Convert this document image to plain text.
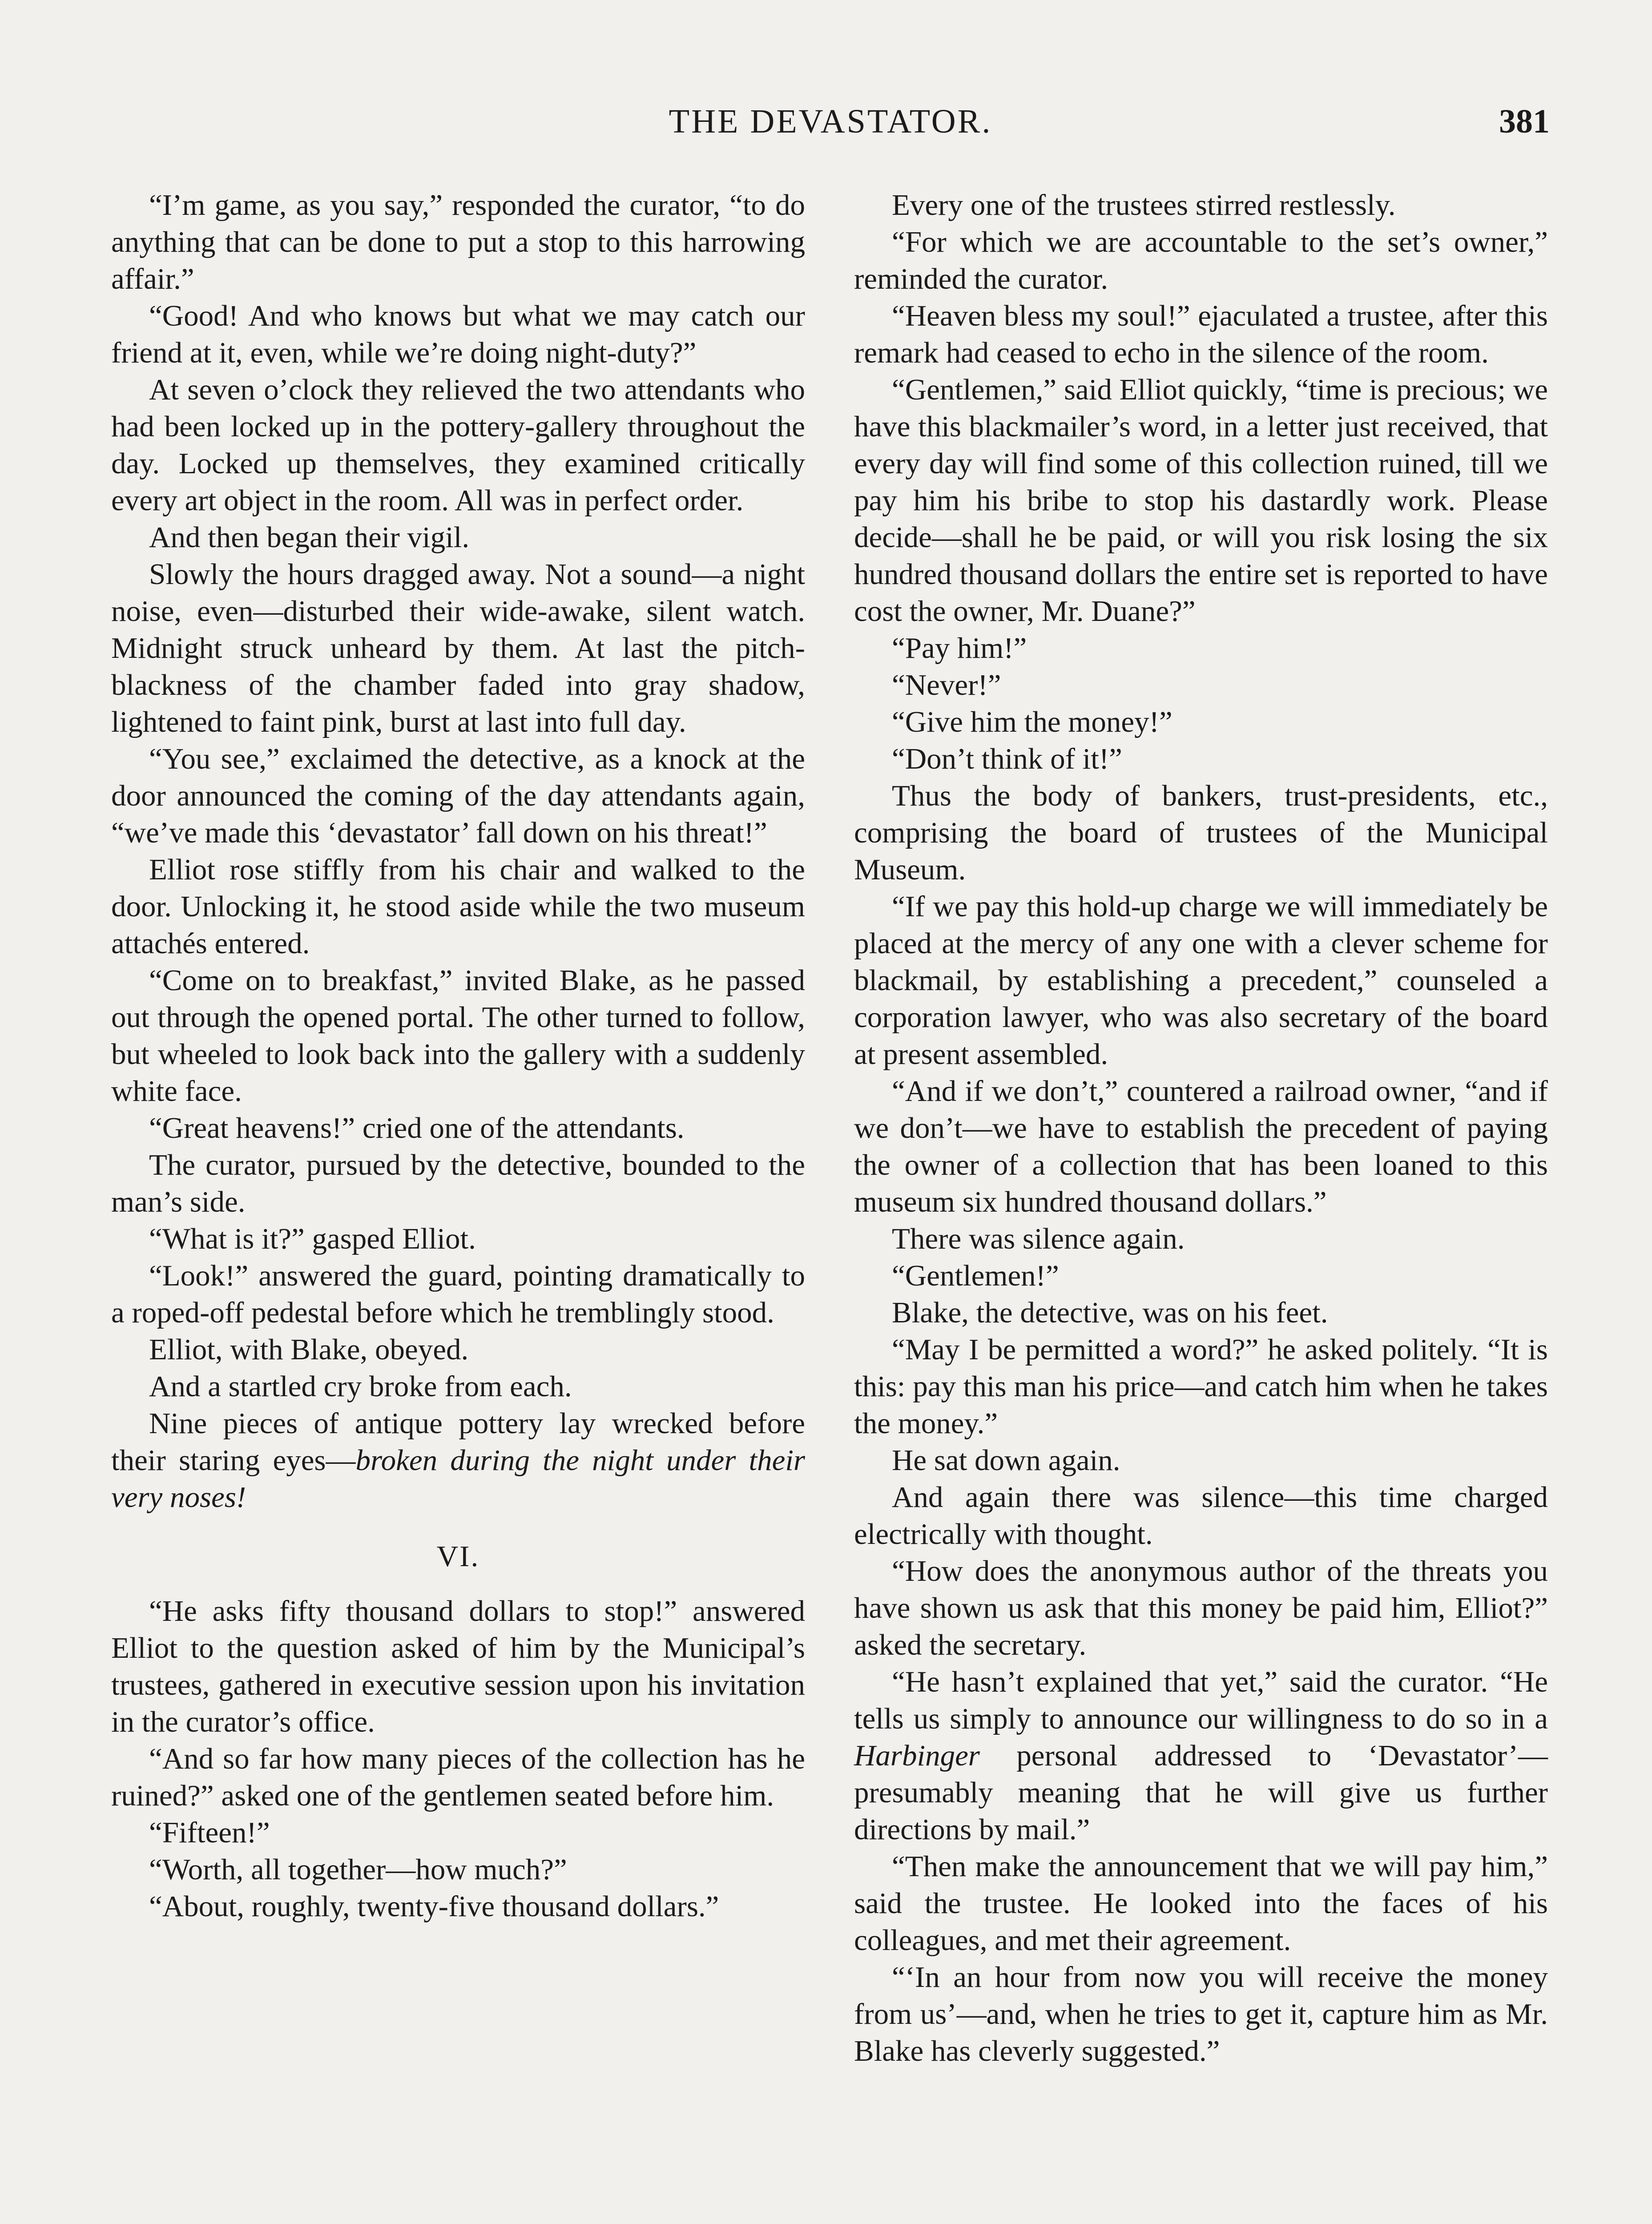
THE DEVASTATOR.	381

“I’m game, as you say,” responded the curator, “to do anything that can be done to put a stop to this harrowing affair.”

“Good! And who knows but what we may catch our friend at it, even, while we’re doing night-duty?”

At seven o’clock they relieved the two attendants who had been locked up in the pottery-gallery throughout the day. Locked up themselves, they examined critically every art object in the room. All was in perfect order.

And then began their vigil.

Slowly the hours dragged away. Not a sound—a night noise, even—disturbed their wide-awake, silent watch. Midnight struck unheard by them. At last the pitch-blackness of the chamber faded into gray shadow, lightened to faint pink, burst at last into full day.

“You see,” exclaimed the detective, as a knock at the door announced the coming of the day attendants again, “we’ve made this ‘devastator’ fall down on his threat!”

Elliot rose stiffly from his chair and walked to the door. Unlocking it, he stood aside while the two museum attachés entered.

“Come on to breakfast,” invited Blake, as he passed out through the opened portal. The other turned to follow, but wheeled to look back into the gallery with a suddenly white face.

“Great heavens!” cried one of the attendants.

The curator, pursued by the detective, bounded to the man’s side.

“What is it?” gasped Elliot.

“Look!” answered the guard, pointing dramatically to a roped-off pedestal before which he tremblingly stood.

Elliot, with Blake, obeyed.

And a startled cry broke from each.

Nine pieces of antique pottery lay wrecked before their staring eyes—broken during the night under their very noses!

VI.

“He asks fifty thousand dollars to stop!” answered Elliot to the question asked of him by the Municipal’s trustees, gathered in executive session upon his invitation in the curator’s office.

“And so far how many pieces of the collection has he ruined?” asked one of the gentlemen seated before him.

“Fifteen!”

“Worth, all together—how much?”

“About, roughly, twenty-five thousand dollars.”

Every one of the trustees stirred restlessly.

“For which we are accountable to the set’s owner,” reminded the curator.

“Heaven bless my soul!” ejaculated a trustee, after this remark had ceased to echo in the silence of the room.

“Gentlemen,” said Elliot quickly, “time is precious; we have this blackmailer’s word, in a letter just received, that every day will find some of this collection ruined, till we pay him his bribe to stop his dastardly work. Please decide—shall he be paid, or will you risk losing the six hundred thousand dollars the entire set is reported to have cost the owner, Mr. Duane?”

“Pay him!”

“Never!”

“Give him the money!”

“Don’t think of it!”

Thus the body of bankers, trust-presidents, etc., comprising the board of trustees of the Municipal Museum.

“If we pay this hold-up charge we will immediately be placed at the mercy of any one with a clever scheme for blackmail, by establishing a precedent,” counseled a corporation lawyer, who was also secretary of the board at present assembled.

“And if we don’t,” countered a railroad owner, “and if we don’t—we have to establish the precedent of paying the owner of a collection that has been loaned to this museum six hundred thousand dollars.”

There was silence again.

“Gentlemen!”

Blake, the detective, was on his feet.

“May I be permitted a word?” he asked politely. “It is this: pay this man his price—and catch him when he takes the money.”

He sat down again.

And again there was silence—this time charged electrically with thought.

“How does the anonymous author of the threats you have shown us ask that this money be paid him, Elliot?” asked the secretary.

“He hasn’t explained that yet,” said the curator. “He tells us simply to announce our willingness to do so in a Harbinger personal addressed to ‘Devastator’—presumably meaning that he will give us further directions by mail.”

“Then make the announcement that we will pay him,” said the trustee. He looked into the faces of his colleagues, and met their agreement.

“‘In an hour from now you will receive the money from us’—and, when he tries to get it, capture him as Mr. Blake has cleverly suggested.”
